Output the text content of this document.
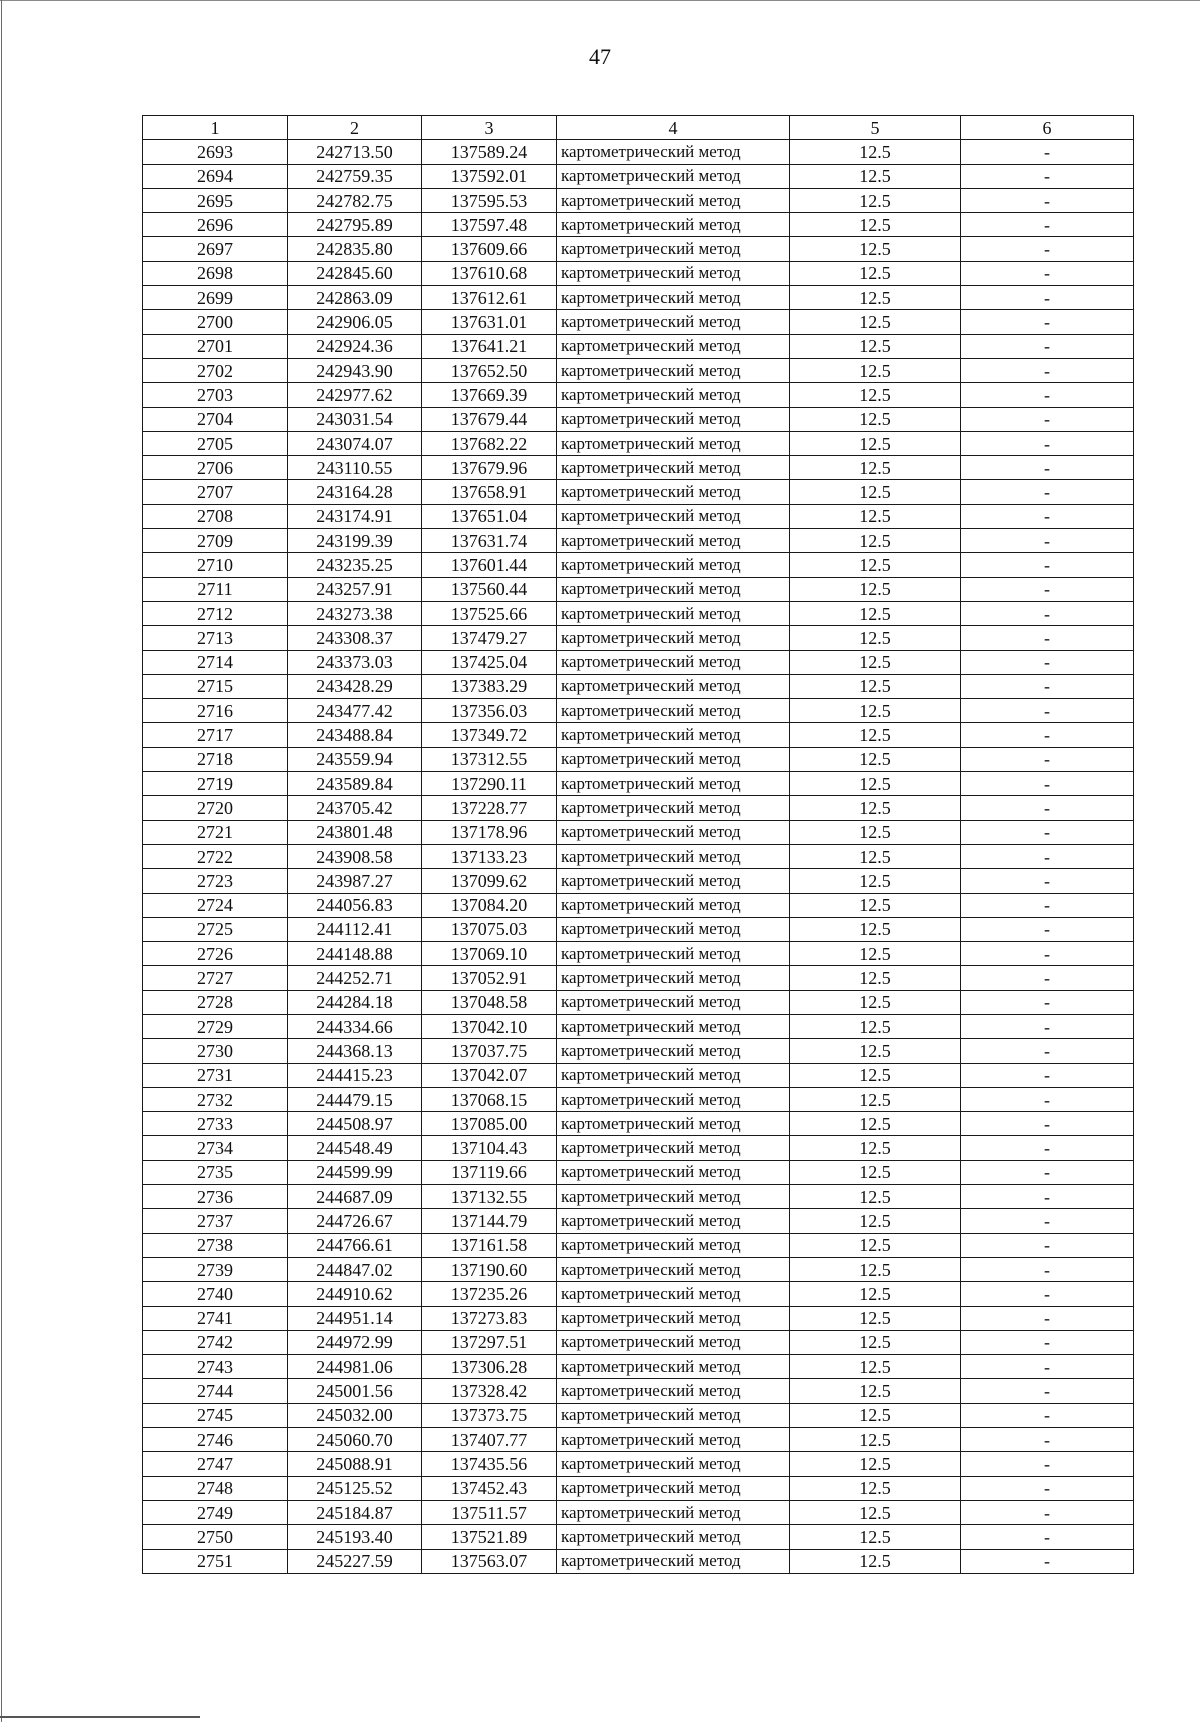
47
1	2	3	4	5	6
2693	242713.50	137589.24	картометрический метод	12.5	-
2694	242759.35	137592.01	картометрический метод	12.5	-
2695	242782.75	137595.53	картометрический метод	12.5	-
2696	242795.89	137597.48	картометрический метод	12.5	-
2697	242835.80	137609.66	картометрический метод	12.5	-
2698	242845.60	137610.68	картометрический метод	12.5	-
2699	242863.09	137612.61	картометрический метод	12.5	-
2700	242906.05	137631.01	картометрический метод	12.5	-
2701	242924.36	137641.21	картометрический метод	12.5	-
2702	242943.90	137652.50	картометрический метод	12.5	-
2703	242977.62	137669.39	картометрический метод	12.5	-
2704	243031.54	137679.44	картометрический метод	12.5	-
2705	243074.07	137682.22	картометрический метод	12.5	-
2706	243110.55	137679.96	картометрический метод	12.5	-
2707	243164.28	137658.91	картометрический метод	12.5	-
2708	243174.91	137651.04	картометрический метод	12.5	-
2709	243199.39	137631.74	картометрический метод	12.5	-
2710	243235.25	137601.44	картометрический метод	12.5	-
2711	243257.91	137560.44	картометрический метод	12.5	-
2712	243273.38	137525.66	картометрический метод	12.5	-
2713	243308.37	137479.27	картометрический метод	12.5	-
2714	243373.03	137425.04	картометрический метод	12.5	-
2715	243428.29	137383.29	картометрический метод	12.5	-
2716	243477.42	137356.03	картометрический метод	12.5	-
2717	243488.84	137349.72	картометрический метод	12.5	-
2718	243559.94	137312.55	картометрический метод	12.5	-
2719	243589.84	137290.11	картометрический метод	12.5	-
2720	243705.42	137228.77	картометрический метод	12.5	-
2721	243801.48	137178.96	картометрический метод	12.5	-
2722	243908.58	137133.23	картометрический метод	12.5	-
2723	243987.27	137099.62	картометрический метод	12.5	-
2724	244056.83	137084.20	картометрический метод	12.5	-
2725	244112.41	137075.03	картометрический метод	12.5	-
2726	244148.88	137069.10	картометрический метод	12.5	-
2727	244252.71	137052.91	картометрический метод	12.5	-
2728	244284.18	137048.58	картометрический метод	12.5	-
2729	244334.66	137042.10	картометрический метод	12.5	-
2730	244368.13	137037.75	картометрический метод	12.5	-
2731	244415.23	137042.07	картометрический метод	12.5	-
2732	244479.15	137068.15	картометрический метод	12.5	-
2733	244508.97	137085.00	картометрический метод	12.5	-
2734	244548.49	137104.43	картометрический метод	12.5	-
2735	244599.99	137119.66	картометрический метод	12.5	-
2736	244687.09	137132.55	картометрический метод	12.5	-
2737	244726.67	137144.79	картометрический метод	12.5	-
2738	244766.61	137161.58	картометрический метод	12.5	-
2739	244847.02	137190.60	картометрический метод	12.5	-
2740	244910.62	137235.26	картометрический метод	12.5	-
2741	244951.14	137273.83	картометрический метод	12.5	-
2742	244972.99	137297.51	картометрический метод	12.5	-
2743	244981.06	137306.28	картометрический метод	12.5	-
2744	245001.56	137328.42	картометрический метод	12.5	-
2745	245032.00	137373.75	картометрический метод	12.5	-
2746	245060.70	137407.77	картометрический метод	12.5	-
2747	245088.91	137435.56	картометрический метод	12.5	-
2748	245125.52	137452.43	картометрический метод	12.5	-
2749	245184.87	137511.57	картометрический метод	12.5	-
2750	245193.40	137521.89	картометрический метод	12.5	-
2751	245227.59	137563.07	картометрический метод	12.5	-
